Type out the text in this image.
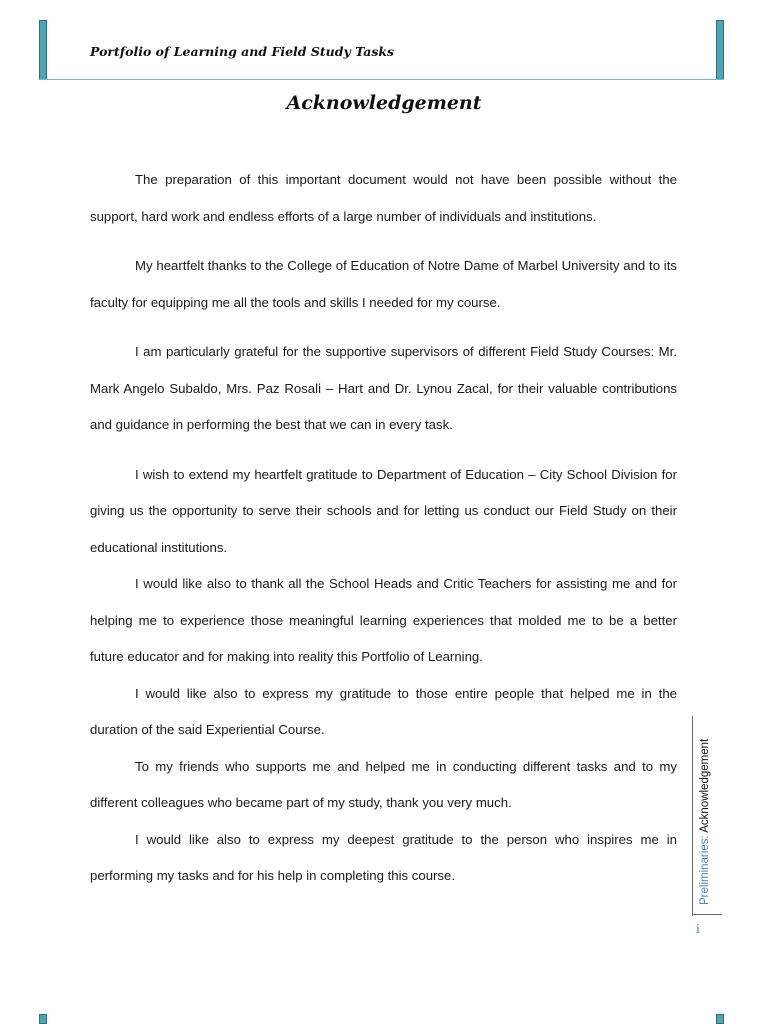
Portfolio of Learning and Field Study Tasks
Acknowledgement

The preparation of this important document would not have been possible without the support, hard work and endless efforts of a large number of individuals and institutions.

My heartfelt thanks to the College of Education of Notre Dame of Marbel University and to its faculty for equipping me all the tools and skills I needed for my course.

I am particularly grateful for the supportive supervisors of different Field Study Courses: Mr. Mark Angelo Subaldo, Mrs. Paz Rosali – Hart and Dr. Lynou Zacal, for their valuable contributions and guidance in performing the best that we can in every task.

I wish to extend my heartfelt gratitude to Department of Education – City School Division for giving us the opportunity to serve their schools and for letting us conduct our Field Study on their educational institutions.

I would like also to thank all the School Heads and Critic Teachers for assisting me and for helping me to experience those meaningful learning experiences that molded me to be a better future educator and for making into reality this Portfolio of Learning.

I would like also to express my gratitude to those entire people that helped me in the duration of the said Experiential Course.

To my friends who supports me and helped me in conducting different tasks and to my different colleagues who became part of my study, thank you very much.

I would like also to express my deepest gratitude to the person who inspires me in performing my tasks and for his help in completing this course.	Preliminaries: Acknowledgement
i
